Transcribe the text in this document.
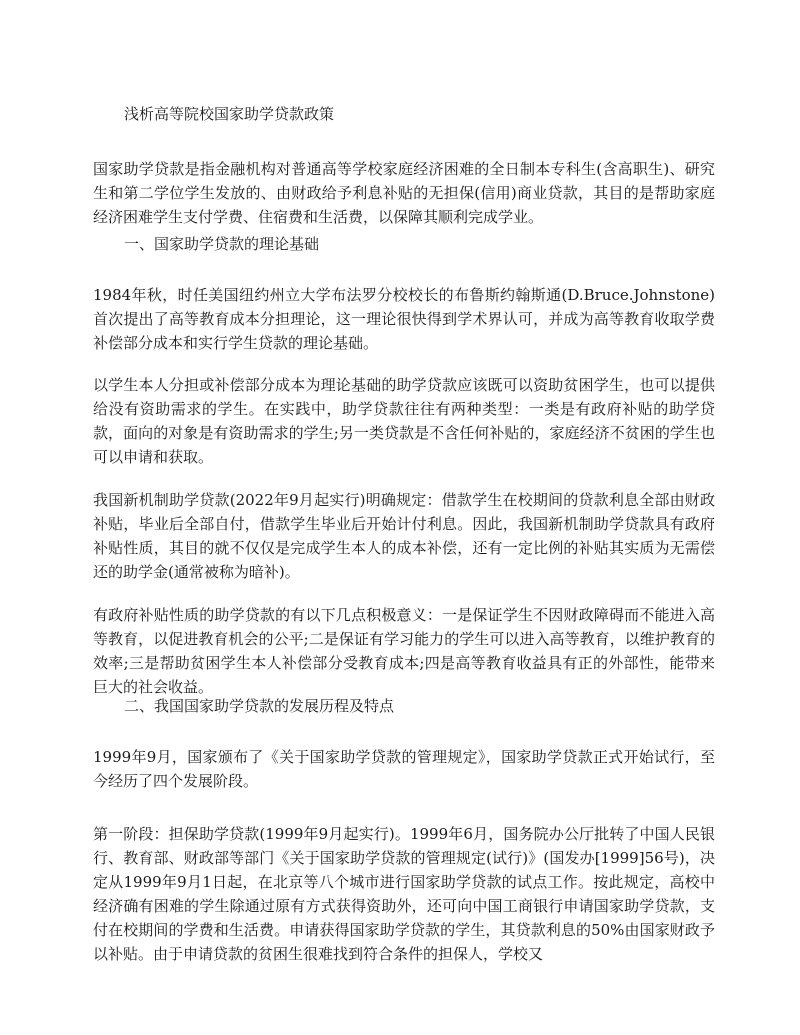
浅析高等院校国家助学贷款政策

国家助学贷款是指金融机构对普通高等学校家庭经济困难的全日制本专科生(含高职生)、研究生和第二学位学生发放的、由财政给予利息补贴的无担保(信用)商业贷款，其目的是帮助家庭经济困难学生支付学费、住宿费和生活费，以保障其顺利完成学业。

一、国家助学贷款的理论基础

1984年秋，时任美国纽约州立大学布法罗分校校长的布鲁斯约翰斯通(D.Bruce.Johnstone)首次提出了高等教育成本分担理论，这一理论很快得到学术界认可，并成为高等教育收取学费补偿部分成本和实行学生贷款的理论基础。

以学生本人分担或补偿部分成本为理论基础的助学贷款应该既可以资助贫困学生，也可以提供给没有资助需求的学生。在实践中，助学贷款往往有两种类型：一类是有政府补贴的助学贷款，面向的对象是有资助需求的学生;另一类贷款是不含任何补贴的，家庭经济不贫困的学生也可以申请和获取。

我国新机制助学贷款(2022年9月起实行)明确规定：借款学生在校期间的贷款利息全部由财政补贴，毕业后全部自付，借款学生毕业后开始计付利息。因此，我国新机制助学贷款具有政府补贴性质，其目的就不仅仅是完成学生本人的成本补偿，还有一定比例的补贴其实质为无需偿还的助学金(通常被称为暗补)。

有政府补贴性质的助学贷款的有以下几点积极意义：一是保证学生不因财政障碍而不能进入高等教育，以促进教育机会的公平;二是保证有学习能力的学生可以进入高等教育，以维护教育的效率;三是帮助贫困学生本人补偿部分受教育成本;四是高等教育收益具有正的外部性，能带来巨大的社会收益。

二、我国国家助学贷款的发展历程及特点

1999年9月，国家颁布了《关于国家助学贷款的管理规定》，国家助学贷款正式开始试行，至今经历了四个发展阶段。

第一阶段：担保助学贷款(1999年9月起实行)。1999年6月，国务院办公厅批转了中国人民银行、教育部、财政部等部门《关于国家助学贷款的管理规定(试行)》(国发办[1999]56号)，决定从1999年9月1日起，在北京等八个城市进行国家助学贷款的试点工作。按此规定，高校中经济确有困难的学生除通过原有方式获得资助外，还可向中国工商银行申请国家助学贷款，支付在校期间的学费和生活费。申请获得国家助学贷款的学生，其贷款利息的50%由国家财政予以补贴。由于申请贷款的贫困生很难找到符合条件的担保人，学校又
